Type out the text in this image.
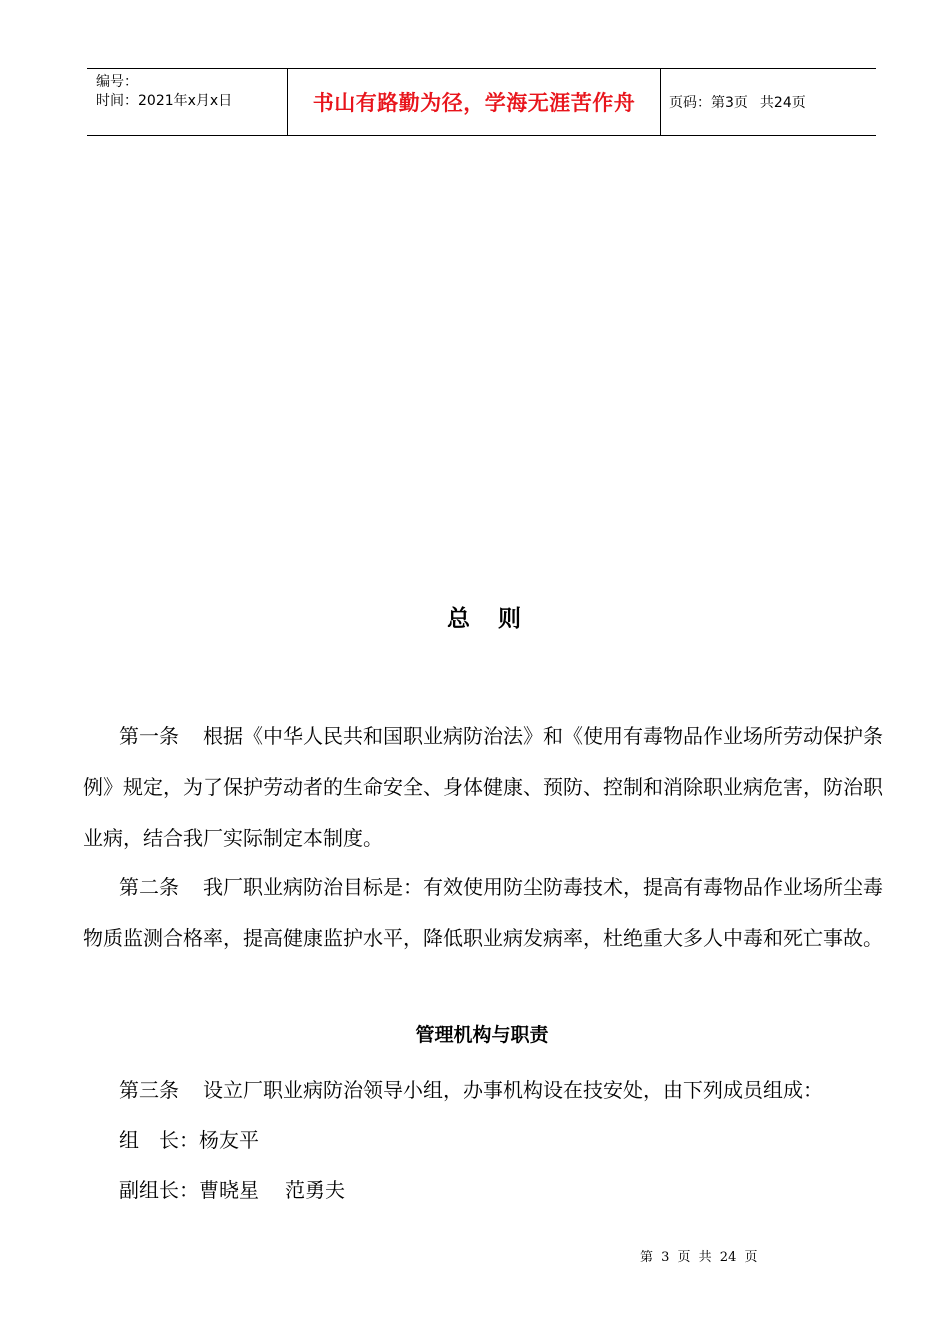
编号：
时间：2021年x月x日	书山有路勤为径，学海无涯苦作舟	页码：第3页 共24页
总 则

第一条 根据《中华人民共和国职业病防治法》和《使用有毒物品作业场所劳动保护条例》规定，为了保护劳动者的生命安全、身体健康、预防、控制和消除职业病危害，防治职业病，结合我厂实际制定本制度。

第二条 我厂职业病防治目标是：有效使用防尘防毒技术，提高有毒物品作业场所尘毒物质监测合格率，提高健康监护水平，降低职业病发病率，杜绝重大多人中毒和死亡事故。

管理机构与职责
第三条 设立厂职业病防治领导小组，办事机构设在技安处，由下列成员组成：
组　长：杨友平
副组长：曹晓星 范勇夫
第 3 页 共 24 页
